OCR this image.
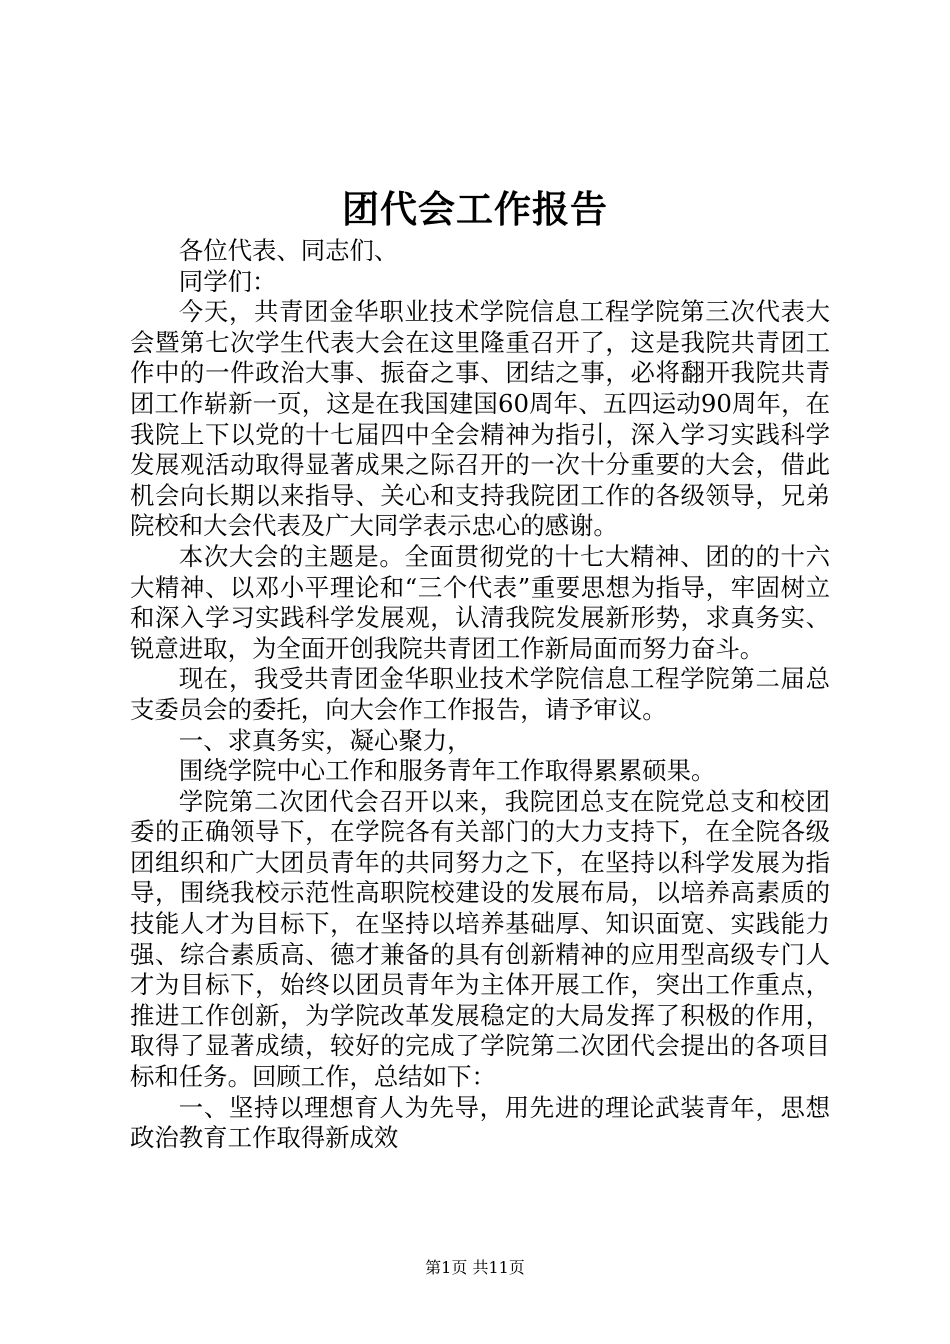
团代会工作报告

各位代表、同志们、

同学们：

今天，共青团金华职业技术学院信息工程学院第三次代表大会暨第七次学生代表大会在这里隆重召开了，这是我院共青团工作中的一件政治大事、振奋之事、团结之事，必将翻开我院共青团工作崭新一页，这是在我国建国60周年、五四运动90周年，在我院上下以党的十七届四中全会精神为指引，深入学习实践科学发展观活动取得显著成果之际召开的一次十分重要的大会，借此机会向长期以来指导、关心和支持我院团工作的各级领导，兄弟院校和大会代表及广大同学表示忠心的感谢。

本次大会的主题是。全面贯彻党的十七大精神、团的的十六大精神、以邓小平理论和“三个代表”重要思想为指导，牢固树立和深入学习实践科学发展观，认清我院发展新形势，求真务实、锐意进取，为全面开创我院共青团工作新局面而努力奋斗。

现在，我受共青团金华职业技术学院信息工程学院第二届总支委员会的委托，向大会作工作报告，请予审议。

一、求真务实，凝心聚力，

围绕学院中心工作和服务青年工作取得累累硕果。

学院第二次团代会召开以来，我院团总支在院党总支和校团委的正确领导下，在学院各有关部门的大力支持下，在全院各级团组织和广大团员青年的共同努力之下，在坚持以科学发展为指导，围绕我校示范性高职院校建设的发展布局，以培养高素质的技能人才为目标下，在坚持以培养基础厚、知识面宽、实践能力强、综合素质高、德才兼备的具有创新精神的应用型高级专门人才为目标下，始终以团员青年为主体开展工作，突出工作重点，推进工作创新，为学院改革发展稳定的大局发挥了积极的作用，取得了显著成绩，较好的完成了学院第二次团代会提出的各项目标和任务。回顾工作，总结如下：

一、坚持以理想育人为先导，用先进的理论武装青年，思想政治教育工作取得新成效

第1页 共11页
